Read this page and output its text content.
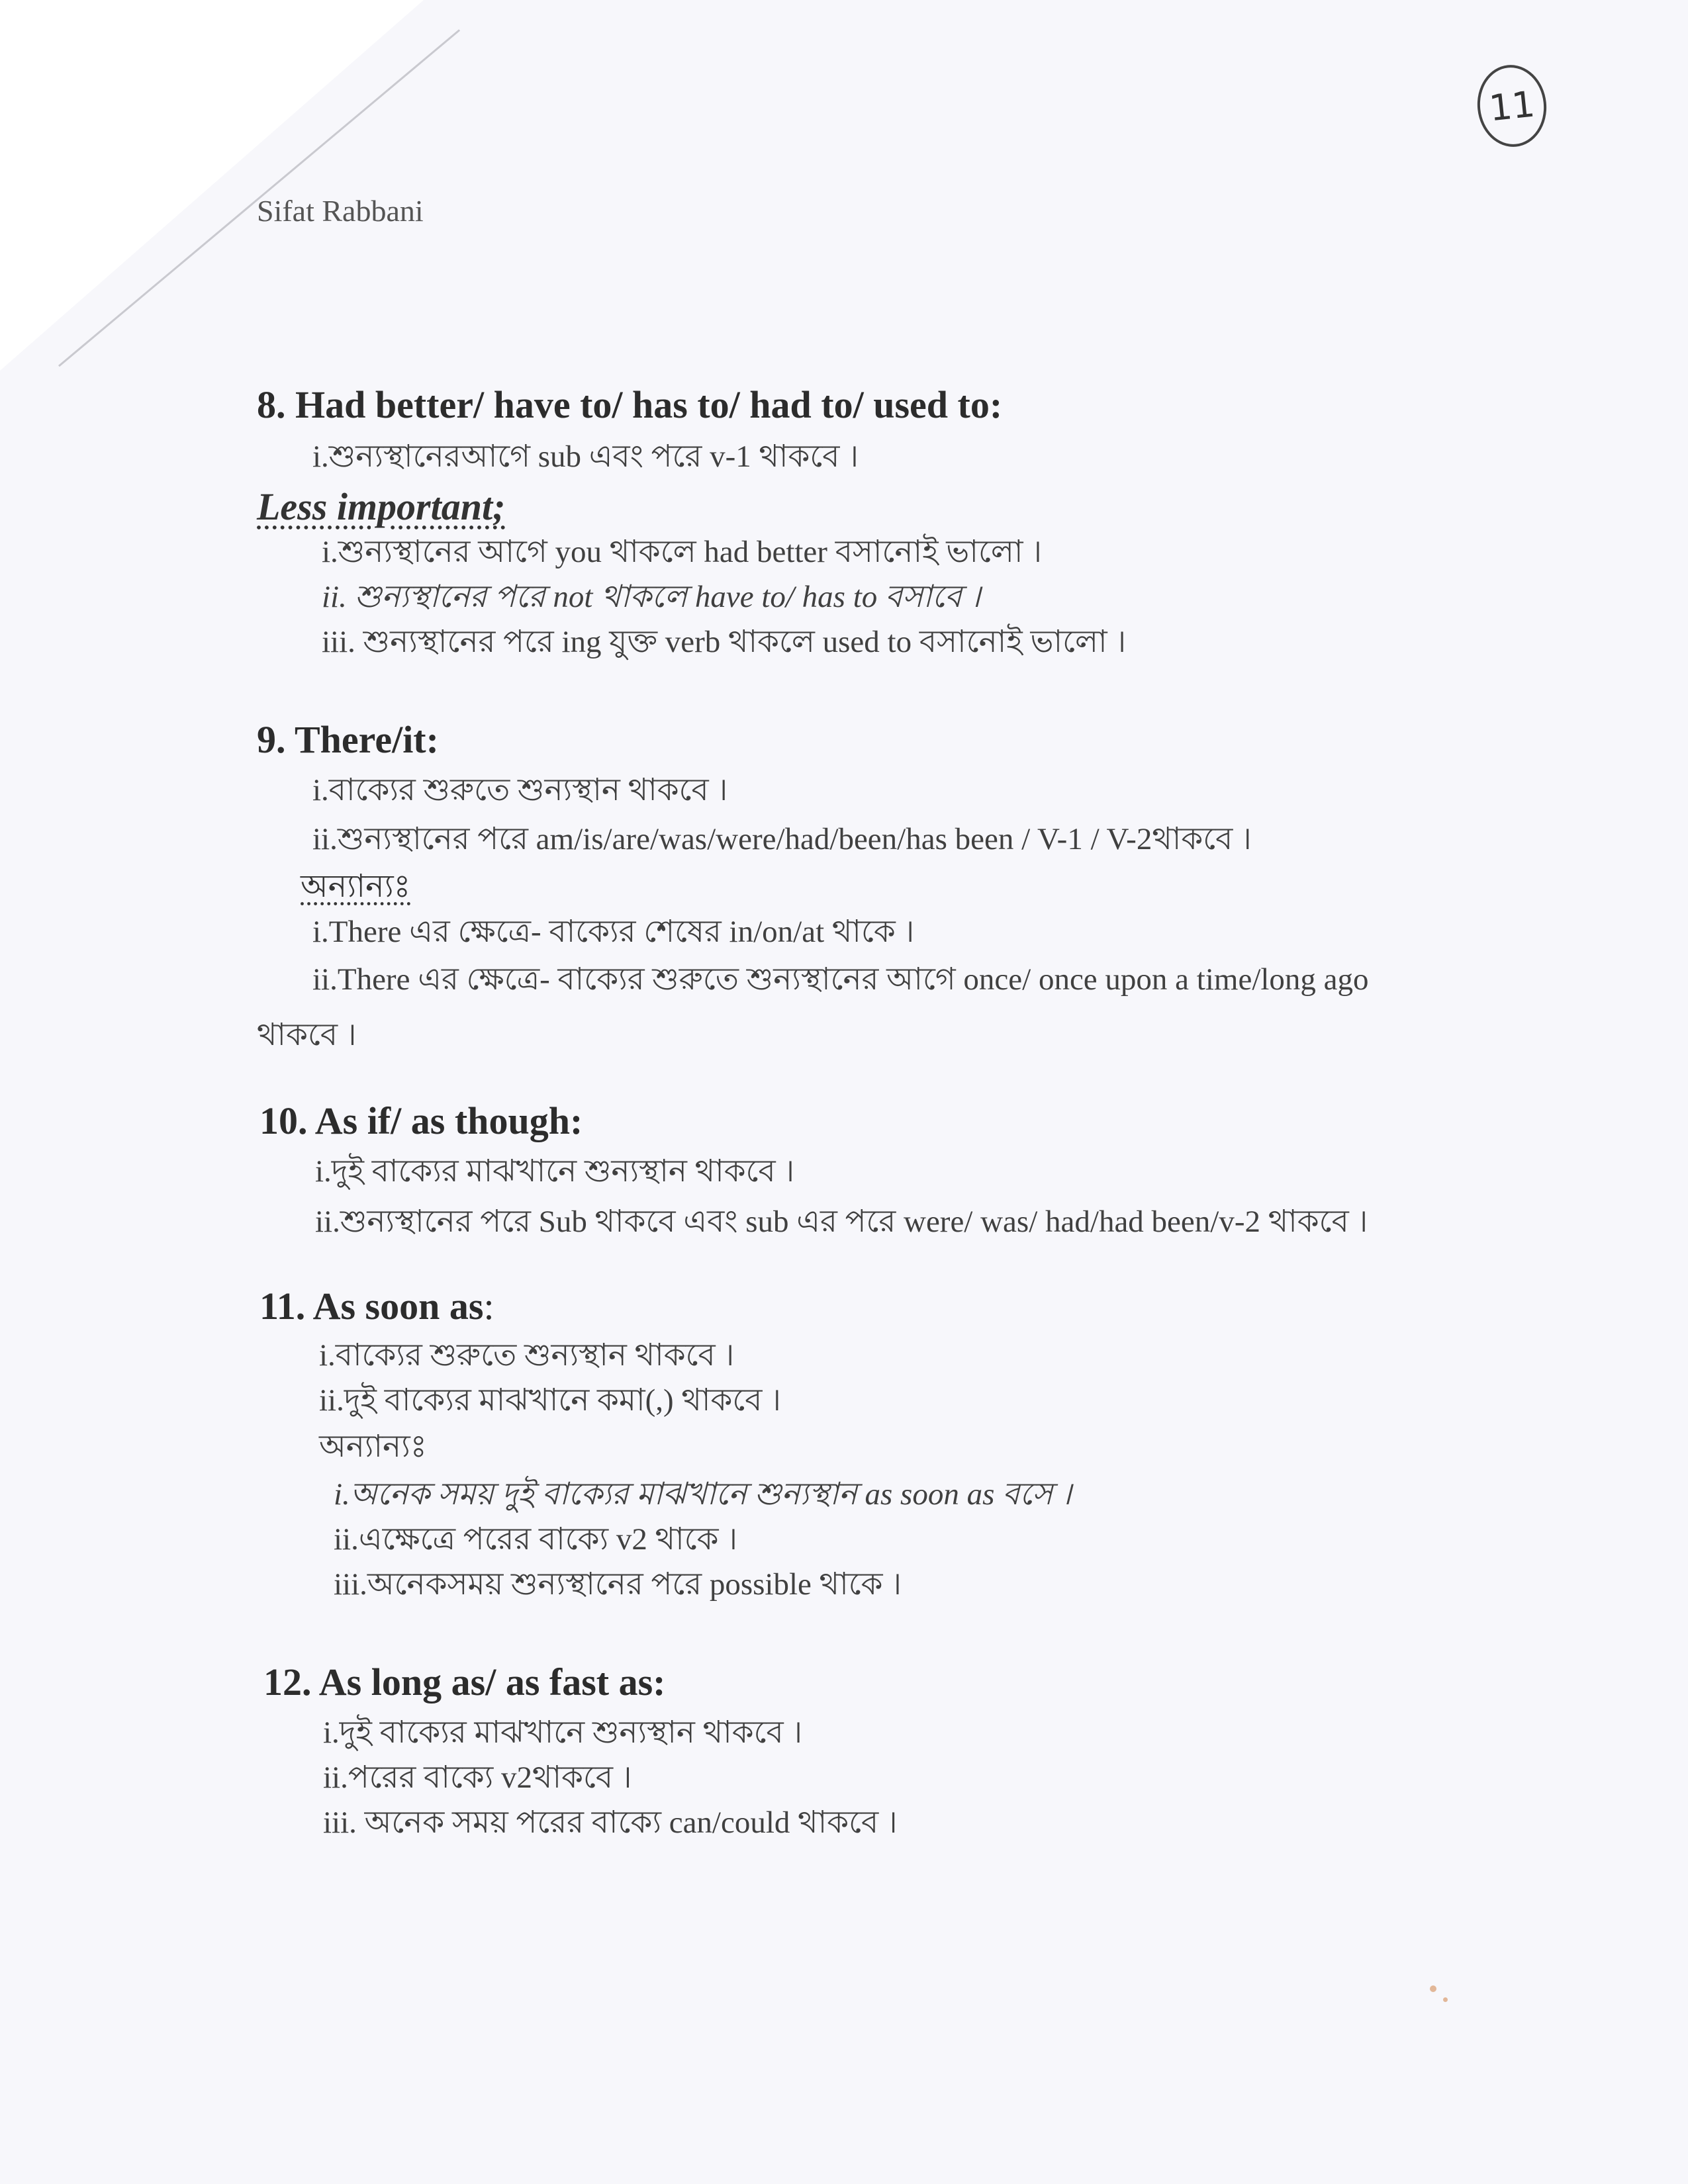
11
Sifat Rabbani
8. Had better/ have to/ has to/ had to/ used to:
i.শুন্যস্থানেরআগে sub এবং পরে v-1 থাকবে ।
Less important;
i.শুন্যস্থানের আগে you থাকলে had better বসানোই ভালো ।
ii. শুন্যস্থানের পরে not থাকলে have to/ has to বসাবে ।
iii. শুন্যস্থানের পরে ing যুক্ত verb থাকলে used to বসানোই ভালো ।
9. There/it:
i.বাক্যের শুরুতে শুন্যস্থান থাকবে ।
ii.শুন্যস্থানের পরে am/is/are/was/were/had/been/has been / V-1 / V-2থাকবে ।
অন্যান্যঃ
i.There এর ক্ষেত্রে- বাক্যের শেষের in/on/at থাকে ।
ii.There এর ক্ষেত্রে- বাক্যের শুরুতে শুন্যস্থানের আগে once/ once upon a time/long ago
থাকবে ।
10. As if/ as though:
i.দুই বাক্যের মাঝখানে শুন্যস্থান থাকবে ।
ii.শুন্যস্থানের পরে Sub থাকবে এবং sub এর পরে were/ was/ had/had been/v-2 থাকবে ।
11. As soon as:
i.বাক্যের শুরুতে শুন্যস্থান থাকবে ।
ii.দুই বাক্যের মাঝখানে কমা(,) থাকবে ।
অন্যান্যঃ
i.অনেক সময় দুই বাক্যের মাঝখানে শুন্যস্থান as soon as বসে ।
ii.এক্ষেত্রে পরের বাক্যে v2 থাকে ।
iii.অনেকসময় শুন্যস্থানের পরে possible থাকে ।
12. As long as/ as fast as:
i.দুই বাক্যের মাঝখানে শুন্যস্থান থাকবে ।
ii.পরের বাক্যে v2থাকবে ।
iii. অনেক সময় পরের বাক্যে can/could থাকবে ।
